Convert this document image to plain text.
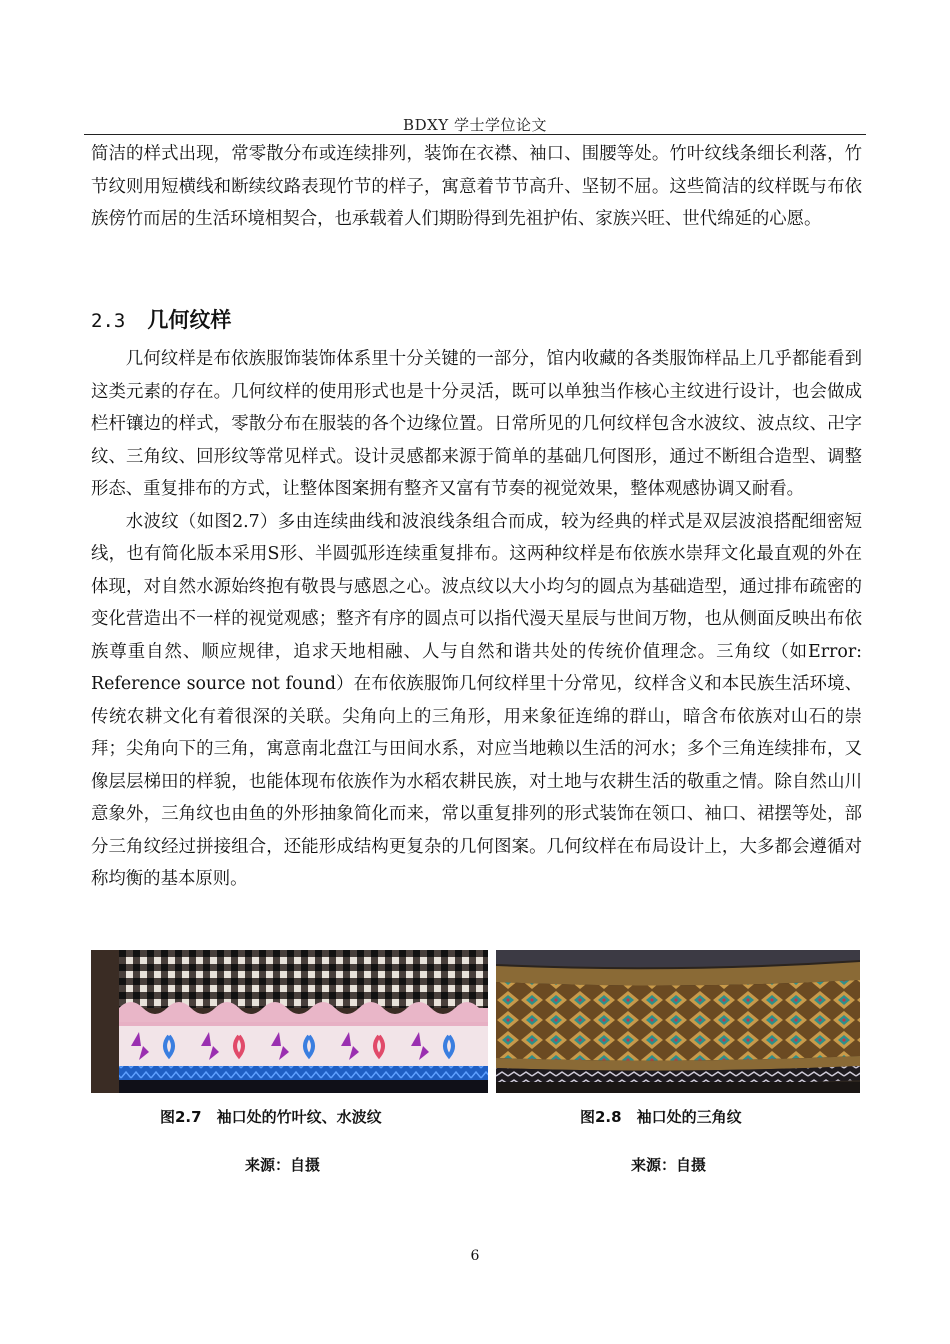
BDXY 学士学位论文

简洁的样式出现，常零散分布或连续排列，装饰在衣襟、袖口、围腰等处。竹叶纹线条细长利落，竹节纹则用短横线和断续纹路表现竹节的样子，寓意着节节高升、坚韧不屈。这些简洁的纹样既与布依族傍竹而居的生活环境相契合，也承载着人们期盼得到先祖护佑、家族兴旺、世代绵延的心愿。

2.3 几何纹样

几何纹样是布依族服饰装饰体系里十分关键的一部分，馆内收藏的各类服饰样品上几乎都能看到这类元素的存在。几何纹样的使用形式也是十分灵活，既可以单独当作核心主纹进行设计，也会做成栏杆镶边的样式，零散分布在服装的各个边缘位置。日常所见的几何纹样包含水波纹、波点纹、卍字纹、三角纹、回形纹等常见样式。设计灵感都来源于简单的基础几何图形，通过不断组合造型、调整形态、重复排布的方式，让整体图案拥有整齐又富有节奏的视觉效果，整体观感协调又耐看。

水波纹（如图2.7）多由连续曲线和波浪线条组合而成，较为经典的样式是双层波浪搭配细密短线，也有简化版本采用S形、半圆弧形连续重复排布。这两种纹样是布依族水崇拜文化最直观的外在体现，对自然水源始终抱有敬畏与感恩之心。波点纹以大小均匀的圆点为基础造型，通过排布疏密的变化营造出不一样的视觉观感；整齐有序的圆点可以指代漫天星辰与世间万物，也从侧面反映出布依族尊重自然、顺应规律，追求天地相融、人与自然和谐共处的传统价值理念。三角纹（如Error: Reference source not found）在布依族服饰几何纹样里十分常见，纹样含义和本民族生活环境、传统农耕文化有着很深的关联。尖角向上的三角形，用来象征连绵的群山，暗含布依族对山石的崇拜；尖角向下的三角，寓意南北盘江与田间水系，对应当地赖以生活的河水；多个三角连续排布，又像层层梯田的样貌，也能体现布依族作为水稻农耕民族，对土地与农耕生活的敬重之情。除自然山川意象外，三角纹也由鱼的外形抽象简化而来，常以重复排列的形式装饰在领口、袖口、裙摆等处，部分三角纹经过拼接组合，还能形成结构更复杂的几何图案。几何纹样在布局设计上，大多都会遵循对称均衡的基本原则。

图2.7　袖口处的竹叶纹、水波纹	图2.8　袖口处的三角纹
来源：自摄	来源：自摄
6
